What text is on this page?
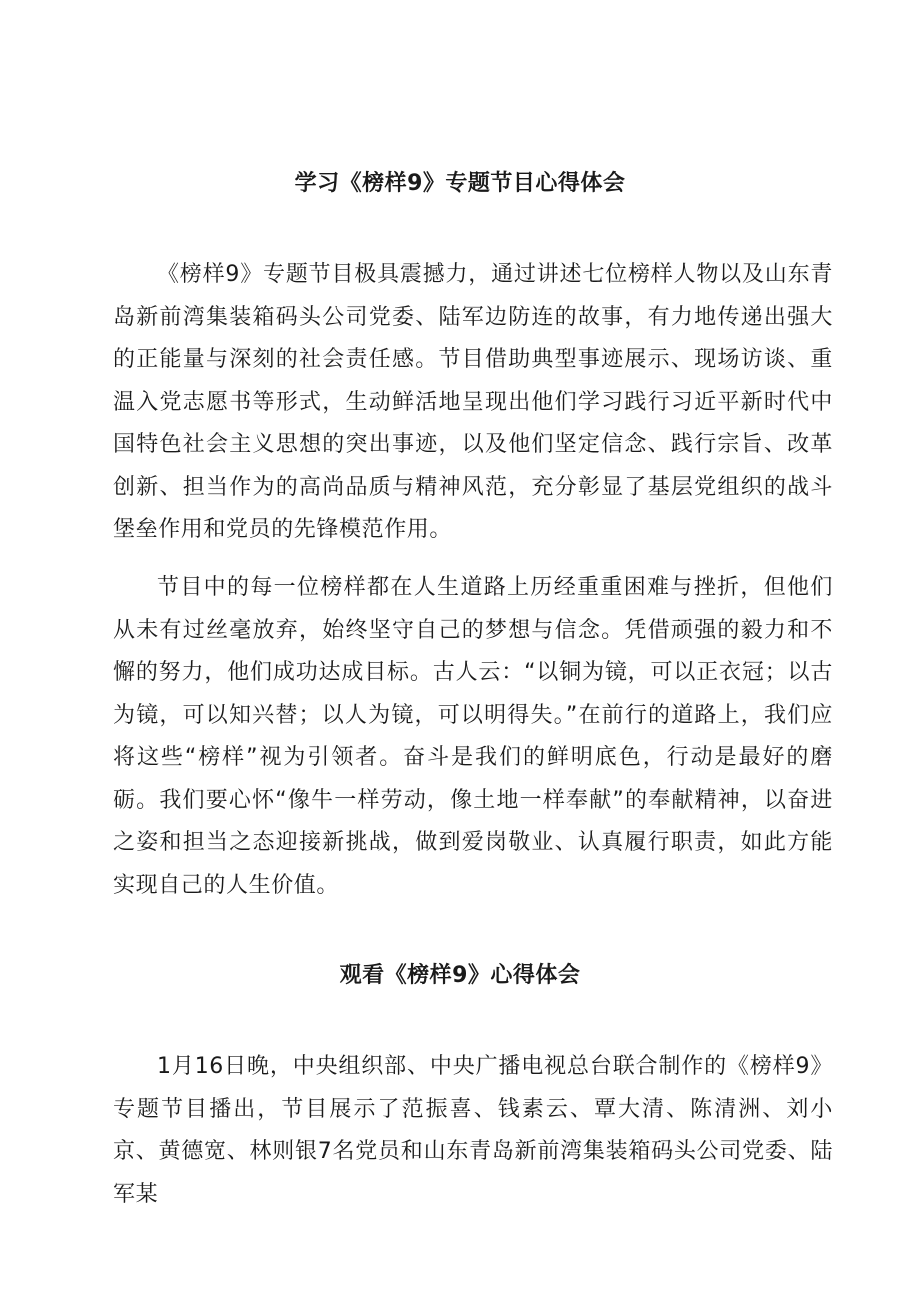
学习《榜样9》专题节目心得体会

《榜样9》专题节目极具震撼力，通过讲述七位榜样人物以及山东青岛新前湾集装箱码头公司党委、陆军边防连的故事，有力地传递出强大的正能量与深刻的社会责任感。节目借助典型事迹展示、现场访谈、重温入党志愿书等形式，生动鲜活地呈现出他们学习践行习近平新时代中国特色社会主义思想的突出事迹，以及他们坚定信念、践行宗旨、改革创新、担当作为的高尚品质与精神风范，充分彰显了基层党组织的战斗堡垒作用和党员的先锋模范作用。

节目中的每一位榜样都在人生道路上历经重重困难与挫折，但他们从未有过丝毫放弃，始终坚守自己的梦想与信念。凭借顽强的毅力和不懈的努力，他们成功达成目标。古人云：“以铜为镜，可以正衣冠；以古为镜，可以知兴替；以人为镜，可以明得失。”在前行的道路上，我们应将这些“榜样”视为引领者。奋斗是我们的鲜明底色，行动是最好的磨砺。我们要心怀“像牛一样劳动，像土地一样奉献”的奉献精神，以奋进之姿和担当之态迎接新挑战，做到爱岗敬业、认真履行职责，如此方能实现自己的人生价值。

观看《榜样9》心得体会

1月16日晚，中央组织部、中央广播电视总台联合制作的《榜样9》专题节目播出，节目展示了范振喜、钱素云、覃大清、陈清洲、刘小京、黄德宽、林则银7名党员和山东青岛新前湾集装箱码头公司党委、陆军某
